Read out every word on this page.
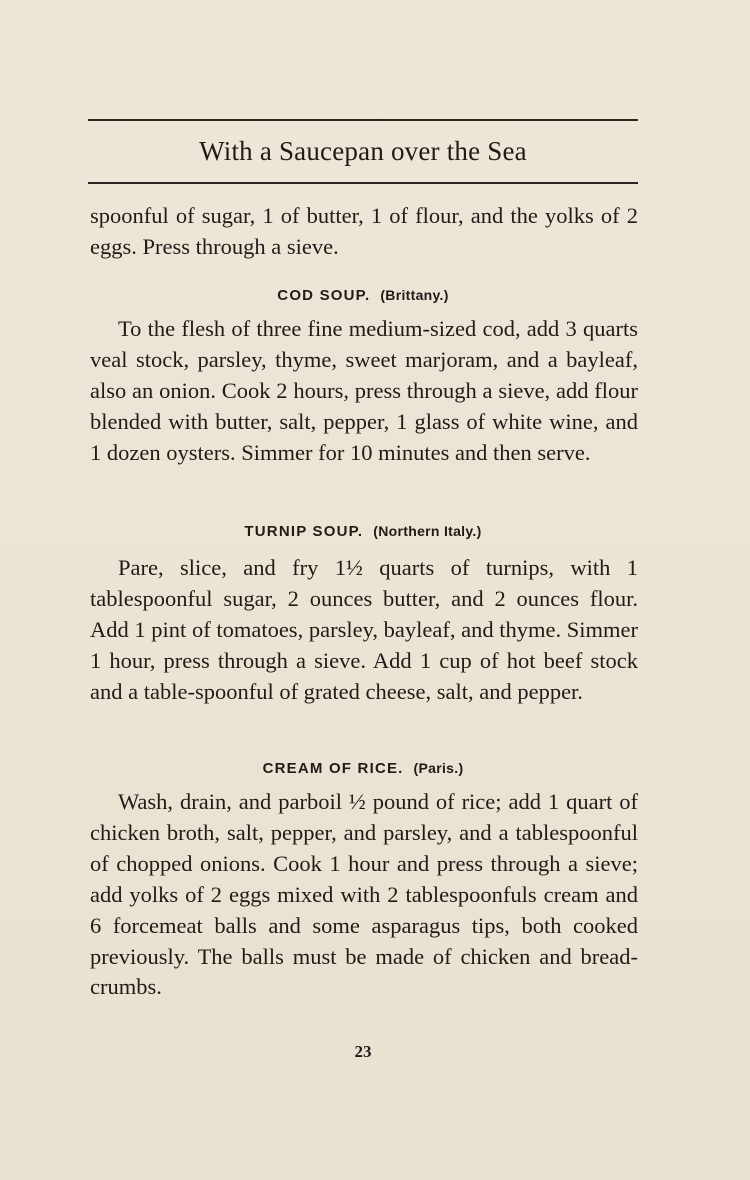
With a Saucepan over the Sea

spoonful of sugar, 1 of butter, 1 of flour, and the yolks of 2 eggs. Press through a sieve.

COD SOUP. (Brittany.)

To the flesh of three fine medium-sized cod, add 3 quarts veal stock, parsley, thyme, sweet marjoram, and a bayleaf, also an onion. Cook 2 hours, press through a sieve, add flour blended with butter, salt, pepper, 1 glass of white wine, and 1 dozen oysters. Simmer for 10 minutes and then serve.

TURNIP SOUP. (Northern Italy.)

Pare, slice, and fry 1½ quarts of turnips, with 1 tablespoonful sugar, 2 ounces butter, and 2 ounces flour. Add 1 pint of tomatoes, parsley, bayleaf, and thyme. Simmer 1 hour, press through a sieve. Add 1 cup of hot beef stock and a table-spoonful of grated cheese, salt, and pepper.

CREAM OF RICE. (Paris.)

Wash, drain, and parboil ½ pound of rice; add 1 quart of chicken broth, salt, pepper, and parsley, and a tablespoonful of chopped onions. Cook 1 hour and press through a sieve; add yolks of 2 eggs mixed with 2 tablespoonfuls cream and 6 forcemeat balls and some asparagus tips, both cooked previously. The balls must be made of chicken and bread-crumbs.

23
